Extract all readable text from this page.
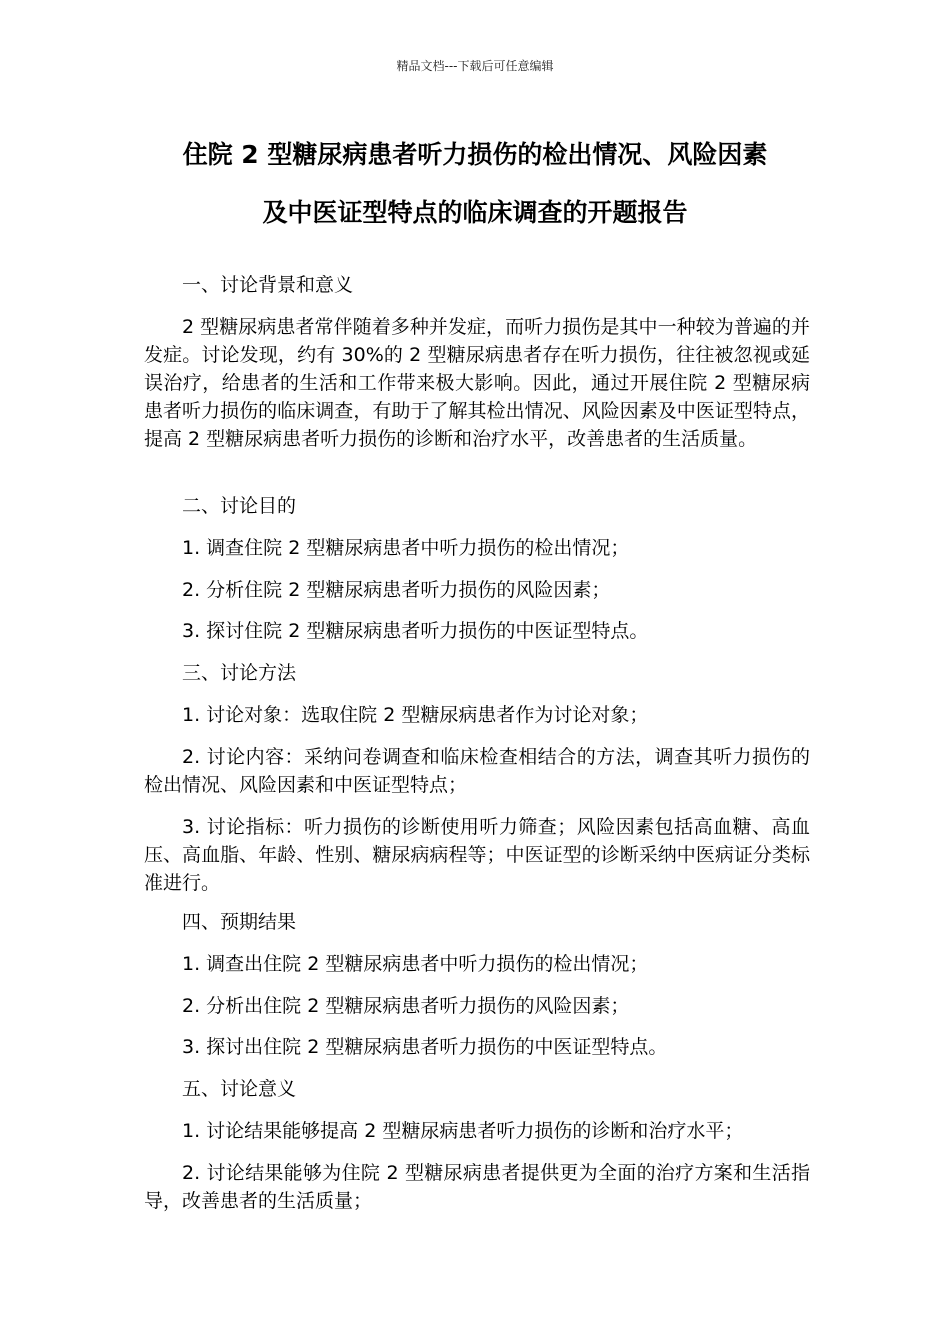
精品文档---下载后可任意编辑
住院 2 型糖尿病患者听力损伤的检出情况、风险因素
及中医证型特点的临床调查的开题报告

一、讨论背景和意义

2 型糖尿病患者常伴随着多种并发症，而听力损伤是其中一种较为普遍的并发症。讨论发现，约有 30%的 2 型糖尿病患者存在听力损伤，往往被忽视或延误治疗，给患者的生活和工作带来极大影响。因此，通过开展住院 2 型糖尿病患者听力损伤的临床调查，有助于了解其检出情况、风险因素及中医证型特点，提高 2 型糖尿病患者听力损伤的诊断和治疗水平，改善患者的生活质量。

二、讨论目的

1. 调查住院 2 型糖尿病患者中听力损伤的检出情况；

2. 分析住院 2 型糖尿病患者听力损伤的风险因素；

3. 探讨住院 2 型糖尿病患者听力损伤的中医证型特点。

三、讨论方法

1. 讨论对象：选取住院 2 型糖尿病患者作为讨论对象；

2. 讨论内容：采纳问卷调查和临床检查相结合的方法，调查其听力损伤的检出情况、风险因素和中医证型特点；

3. 讨论指标：听力损伤的诊断使用听力筛查；风险因素包括高血糖、高血压、高血脂、年龄、性别、糖尿病病程等；中医证型的诊断采纳中医病证分类标准进行。

四、预期结果

1. 调查出住院 2 型糖尿病患者中听力损伤的检出情况；

2. 分析出住院 2 型糖尿病患者听力损伤的风险因素；

3. 探讨出住院 2 型糖尿病患者听力损伤的中医证型特点。

五、讨论意义

1. 讨论结果能够提高 2 型糖尿病患者听力损伤的诊断和治疗水平；

2. 讨论结果能够为住院 2 型糖尿病患者提供更为全面的治疗方案和生活指导，改善患者的生活质量；
